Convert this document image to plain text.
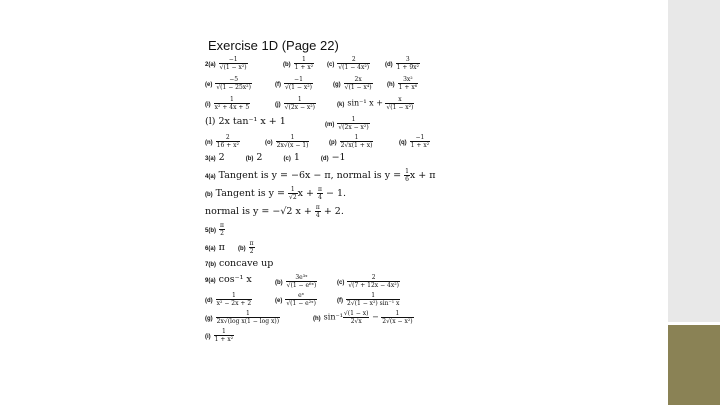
Exercise 1D (Page 22)
$2(a) \frac{-1}{\text{√(1 − x²)}}$	$(b) \frac{1}{\text{1 + x²}} (c) \frac{2}{\text{√(1 − 4x²)}} (d) \frac{3}{\text{1 + 9x²}}$
$(e) \frac{-5}{\text{√(1 − 25x²)}}$	$(f) \frac{-1}{\text{√(1 − x²)}}$	$(g) \frac{2x}{\text{√(1 − x⁴)}} (h) \frac{\text{3x²}}{\text{1 + x⁶}}$
$(i) \frac{1}{\text{x² + 4x + 5}}$	$(j) \frac{1}{\text{√(2x − x²)}}$	(k) sin⁻¹ $x + \frac{x}{\text{√(1 − x²)}}$
(l) 2x tan⁻¹ x + 1	$(m) \frac{1}{\text{√(2x − x²)}}$
$(n) \frac{2}{\text{16 + x²}}$	$(o) \frac{1}{2x√(x - 1)}$	$(p) \frac{1}{2√x(1 + x)}$	$(q) \frac{-1}{\text{1 + x²}}$
3(a) 2	(b) 2	(c) 1	(d) −1
4(a) Tangent is y = −6x − π, normal is $y = \frac{1}{6}$ x + π
(b) Tangent is $y = \frac{1}{√2}$ $x + \frac{\pi}{4} - 1$.
normal is y = −√2 $x + \frac{\pi}{4} + 2$.
$5(b) \frac{\pi}{2}$
6(a) π $(b) \frac{\pi}{2}$
7(b) concave up
9(a) cos⁻¹ x	$(b) \frac{\text{3e³ˣ}}{\text{√(1 − e⁶ˣ)}}$	$(c) \frac{2}{\text{√(7 + 12x − 4x²)}}$
$(d) \frac{1}{\text{x² − 2x + 2}}$	$(e) \frac{\text{eˣ}}{\text{√(1 − e²ˣ)}}$	$(f) \frac{1}{\text{2√(1 − x²) sin⁻¹ x}}$
$(g) \frac{1}{\text{2x√(log x(1 − log x))}}$	(h) $\sin^{-1} \frac{√(1 - x)}{2√x} - \frac{1}{\text{2√(x − x²)}}$
$(i) \frac{1}{\text{1 + x²}}$
